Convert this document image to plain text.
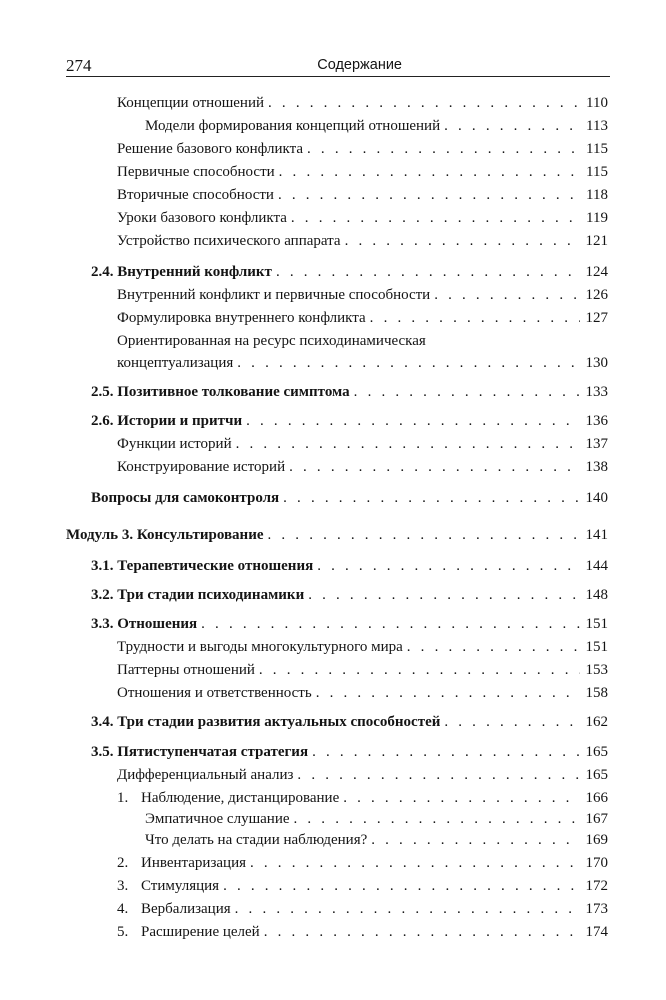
274	Содержание
Концепции отношений . . .	110
Модели формирования концепций отношений . . .	113
Решение базового конфликта . . .	115
Первичные способности . . .	115
Вторичные способности . . .	118
Уроки базового конфликта . . .	119
Устройство психического аппарата . . .	121
2.4. Внутренний конфликт . . .	124
Внутренний конфликт и первичные способности . . .	126
Формулировка внутреннего конфликта . . .	127
Ориентированная на ресурс психодинамическая
концептуализация . . .	130
2.5. Позитивное толкование симптома . . .	133
2.6. Истории и притчи . . .	136
Функции историй . . .	137
Конструирование историй . . .	138
Вопросы для самоконтроля . . .	140
Модуль 3. Консультирование . . .	141
3.1. Терапевтические отношения . . .	144
3.2. Три стадии психодинамики . . .	148
3.3. Отношения . . .	151
Трудности и выгоды многокультурного мира . . .	151
Паттерны отношений . . .	153
Отношения и ответственность . . .	158
3.4. Три стадии развития актуальных способностей . . .	162
3.5. Пятиступенчатая стратегия . . .	165
Дифференциальный анализ . . .	165
1. Наблюдение, дистанцирование . . .	166
Эмпатичное слушание . . .	167
Что делать на стадии наблюдения? . . .	169
2. Инвентаризация . . .	170
3. Стимуляция . . .	172
4. Вербализация . . .	173
5. Расширение целей . . .	174
